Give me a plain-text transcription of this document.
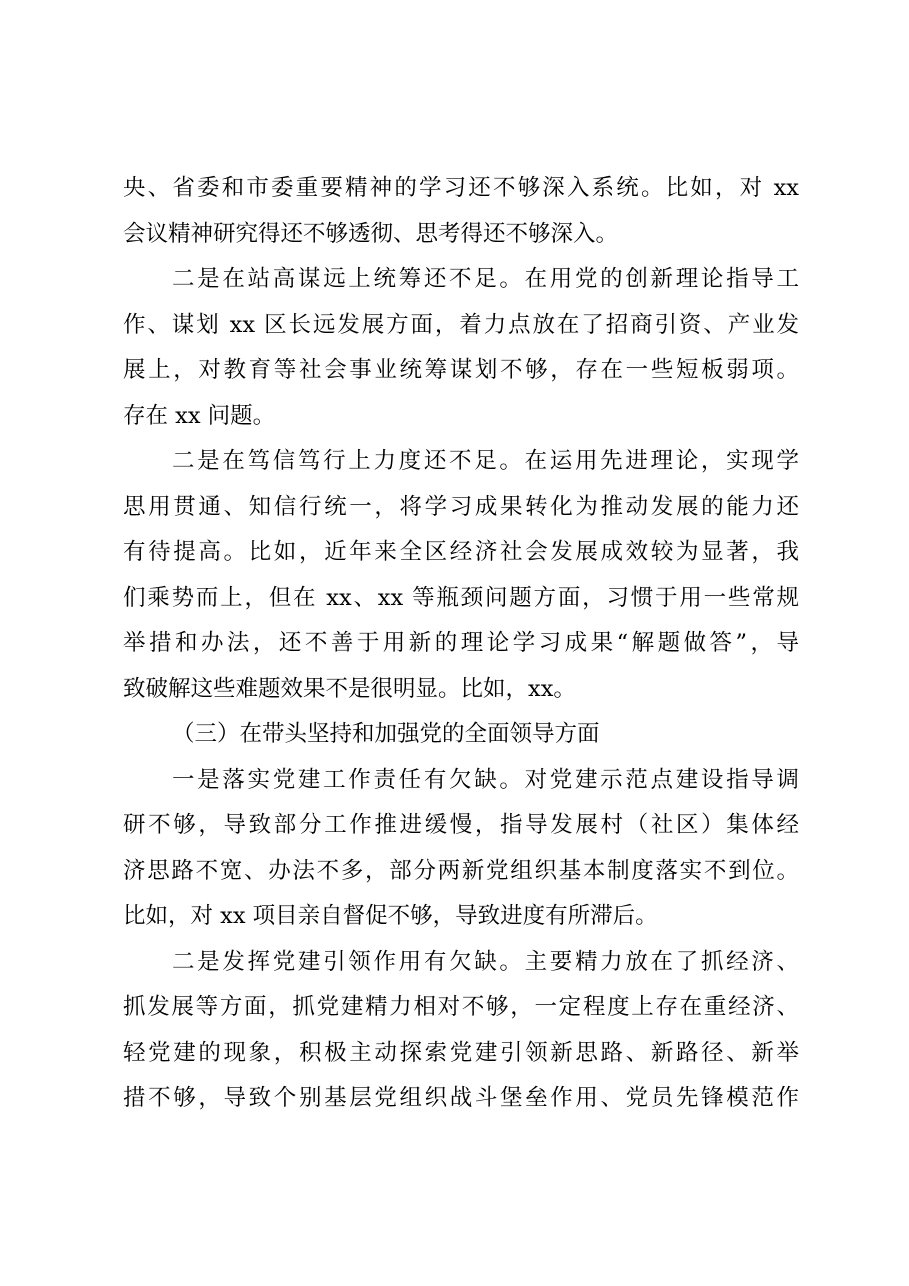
央、省委和市委重要精神的学习还不够深入系统。比如，对 xx
会议精神研究得还不够透彻、思考得还不够深入。
二是在站高谋远上统筹还不足。在用党的创新理论指导工
作、谋划 xx 区长远发展方面，着力点放在了招商引资、产业发
展上，对教育等社会事业统筹谋划不够，存在一些短板弱项。
存在 xx 问题。
二是在笃信笃行上力度还不足。在运用先进理论，实现学
思用贯通、知信行统一，将学习成果转化为推动发展的能力还
有待提高。比如，近年来全区经济社会发展成效较为显著，我
们乘势而上，但在 xx、xx 等瓶颈问题方面，习惯于用一些常规
举措和办法，还不善于用新的理论学习成果“解题做答”，导
致破解这些难题效果不是很明显。比如，xx。
（三）在带头坚持和加强党的全面领导方面
一是落实党建工作责任有欠缺。对党建示范点建设指导调
研不够，导致部分工作推进缓慢，指导发展村（社区）集体经
济思路不宽、办法不多，部分两新党组织基本制度落实不到位。
比如，对 xx 项目亲自督促不够，导致进度有所滞后。
二是发挥党建引领作用有欠缺。主要精力放在了抓经济、
抓发展等方面，抓党建精力相对不够，一定程度上存在重经济、
轻党建的现象，积极主动探索党建引领新思路、新路径、新举
措不够，导致个别基层党组织战斗堡垒作用、党员先锋模范作
